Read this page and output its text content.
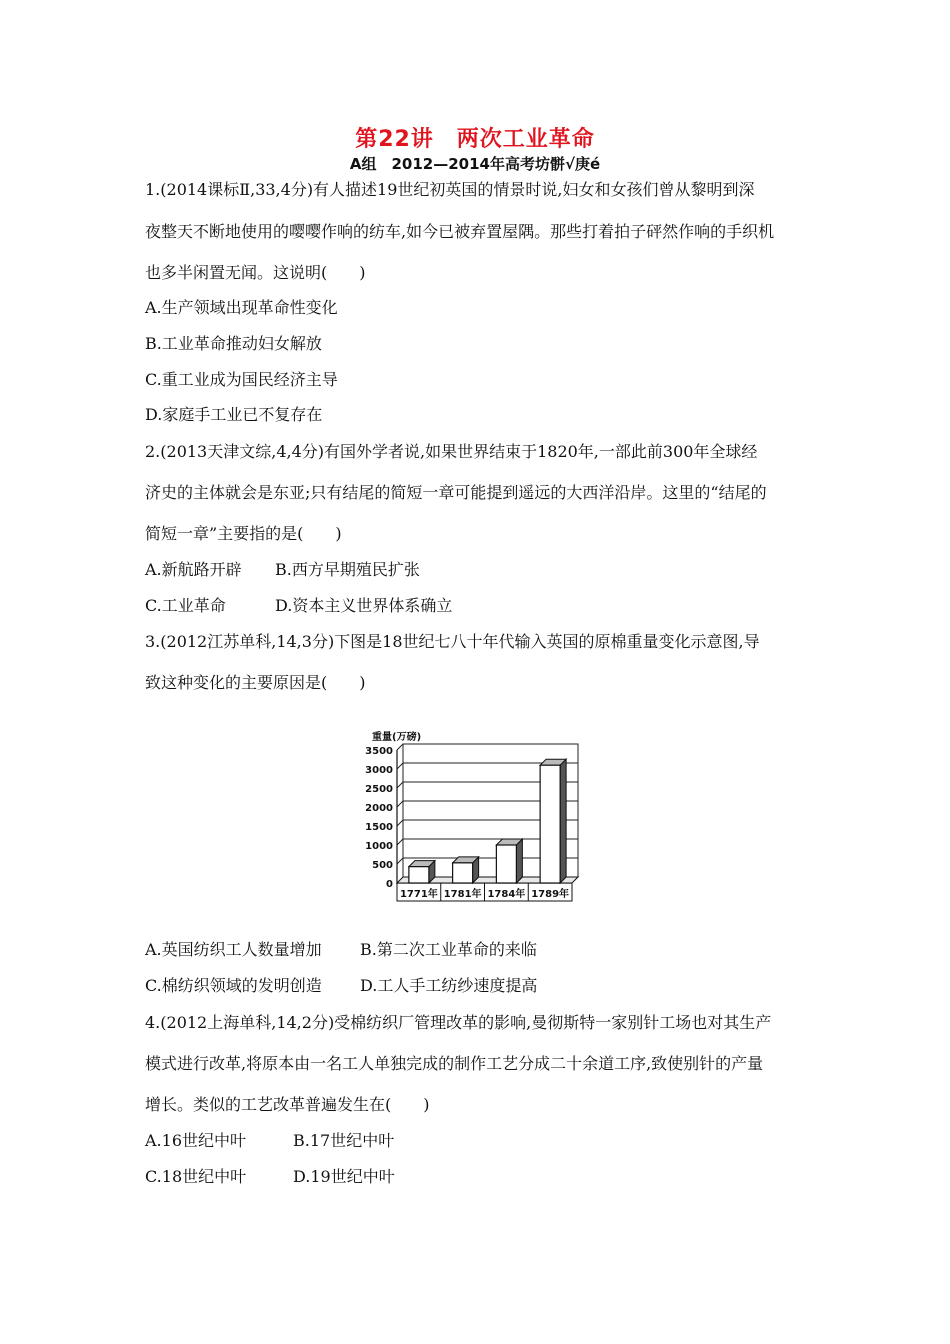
第22讲　两次工业革命
A组　2012—2014年高考坊骿√庚é
1.(2014课标Ⅱ,33,4分)有人描述19世纪初英国的情景时说,妇女和女孩们曾从黎明到深
夜整天不断地使用的嘤嘤作响的纺车,如今已被弃置屋隅。那些打着拍子砰然作响的手织机
也多半闲置无闻。这说明(　　)
A.生产领域出现革命性变化
B.工业革命推动妇女解放
C.重工业成为国民经济主导
D.家庭手工业已不复存在
2.(2013天津文综,4,4分)有国外学者说,如果世界结束于1820年,一部此前300年全球经
济史的主体就会是东亚;只有结尾的简短一章可能提到遥远的大西洋沿岸。这里的“结尾的
简短一章”主要指的是(　　)
A.新航路开辟 B.西方早期殖民扩张
C.工业革命	D.资本主义世界体系确立
3.(2012江苏单科,14,3分)下图是18世纪七八十年代输入英国的原棉重量变化示意图,导
致这种变化的主要原因是(　　)
重量(万磅)
0
500
1000
1500
2000
2500
3000
3500
1771年 1781年 1784年 1789年
A.英国纺织工人数量增加 B.第二次工业革命的来临
C.棉纺织领域的发明创造 D.工人手工纺纱速度提高
4.(2012上海单科,14,2分)受棉纺织厂管理改革的影响,曼彻斯特一家别针工场也对其生产
模式进行改革,将原本由一名工人单独完成的制作工艺分成二十余道工序,致使别针的产量
增长。类似的工艺改革普遍发生在(　　)
A.16世纪中叶	B.17世纪中叶
C.18世纪中叶	D.19世纪中叶
